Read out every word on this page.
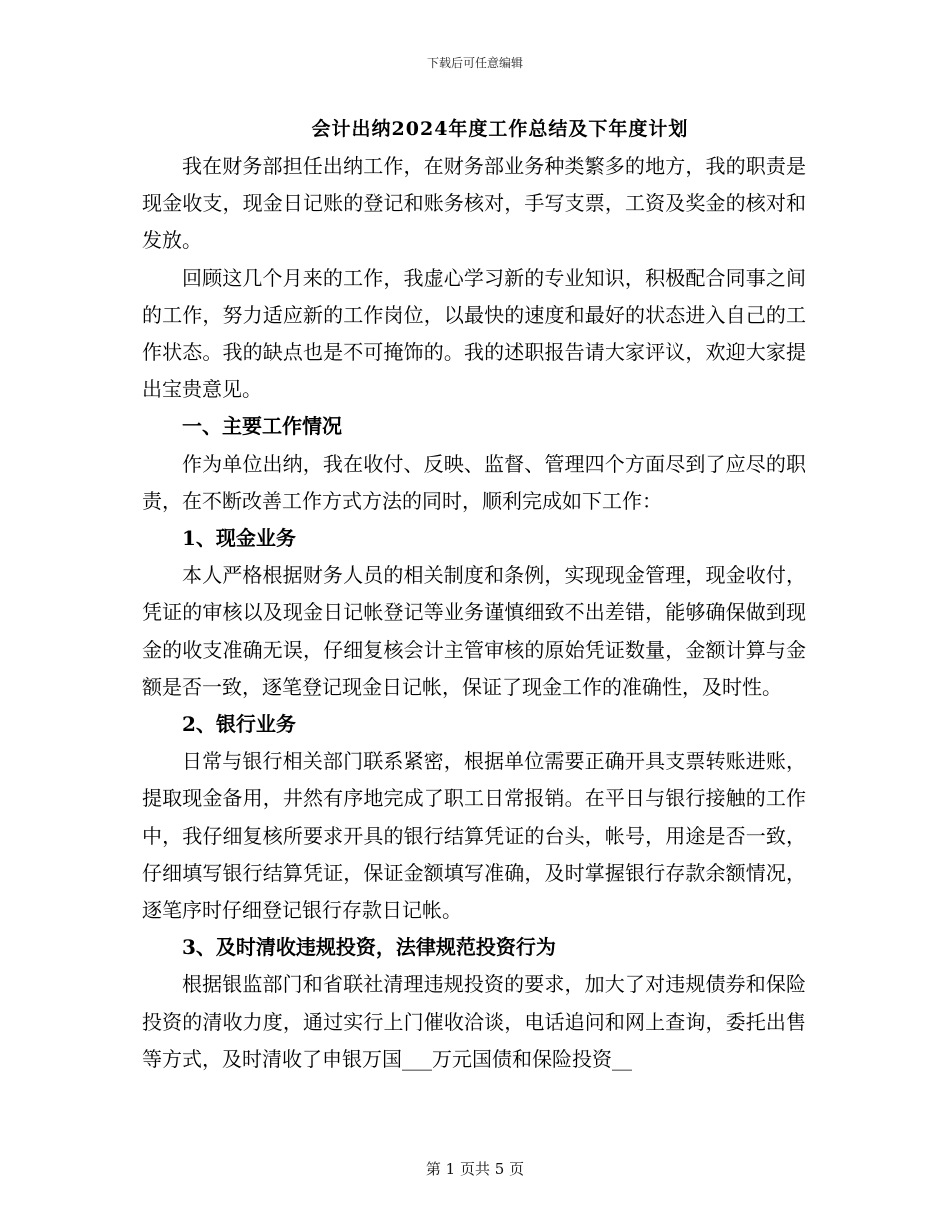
下载后可任意编辑
会计出纳2024年度工作总结及下年度计划

我在财务部担任出纳工作，在财务部业务种类繁多的地方，我的职责是现金收支，现金日记账的登记和账务核对，手写支票，工资及奖金的核对和发放。

回顾这几个月来的工作，我虚心学习新的专业知识，积极配合同事之间的工作，努力适应新的工作岗位，以最快的速度和最好的状态进入自己的工作状态。我的缺点也是不可掩饰的。我的述职报告请大家评议，欢迎大家提出宝贵意见。

一、主要工作情况

作为单位出纳，我在收付、反映、监督、管理四个方面尽到了应尽的职责，在不断改善工作方式方法的同时，顺利完成如下工作：

1、现金业务

本人严格根据财务人员的相关制度和条例，实现现金管理，现金收付，凭证的审核以及现金日记帐登记等业务谨慎细致不出差错，能够确保做到现金的收支准确无误，仔细复核会计主管审核的原始凭证数量，金额计算与金额是否一致，逐笔登记现金日记帐，保证了现金工作的准确性，及时性。

2、银行业务

日常与银行相关部门联系紧密，根据单位需要正确开具支票转账进账，提取现金备用，井然有序地完成了职工日常报销。在平日与银行接触的工作中，我仔细复核所要求开具的银行结算凭证的台头，帐号，用途是否一致，仔细填写银行结算凭证，保证金额填写准确，及时掌握银行存款余额情况，逐笔序时仔细登记银行存款日记帐。

3、及时清收违规投资，法律规范投资行为

根据银监部门和省联社清理违规投资的要求，加大了对违规债券和保险投资的清收力度，通过实行上门催收洽谈，电话追问和网上查询，委托出售等方式，及时清收了申银万国___万元国债和保险投资__

第 1 页共 5 页
